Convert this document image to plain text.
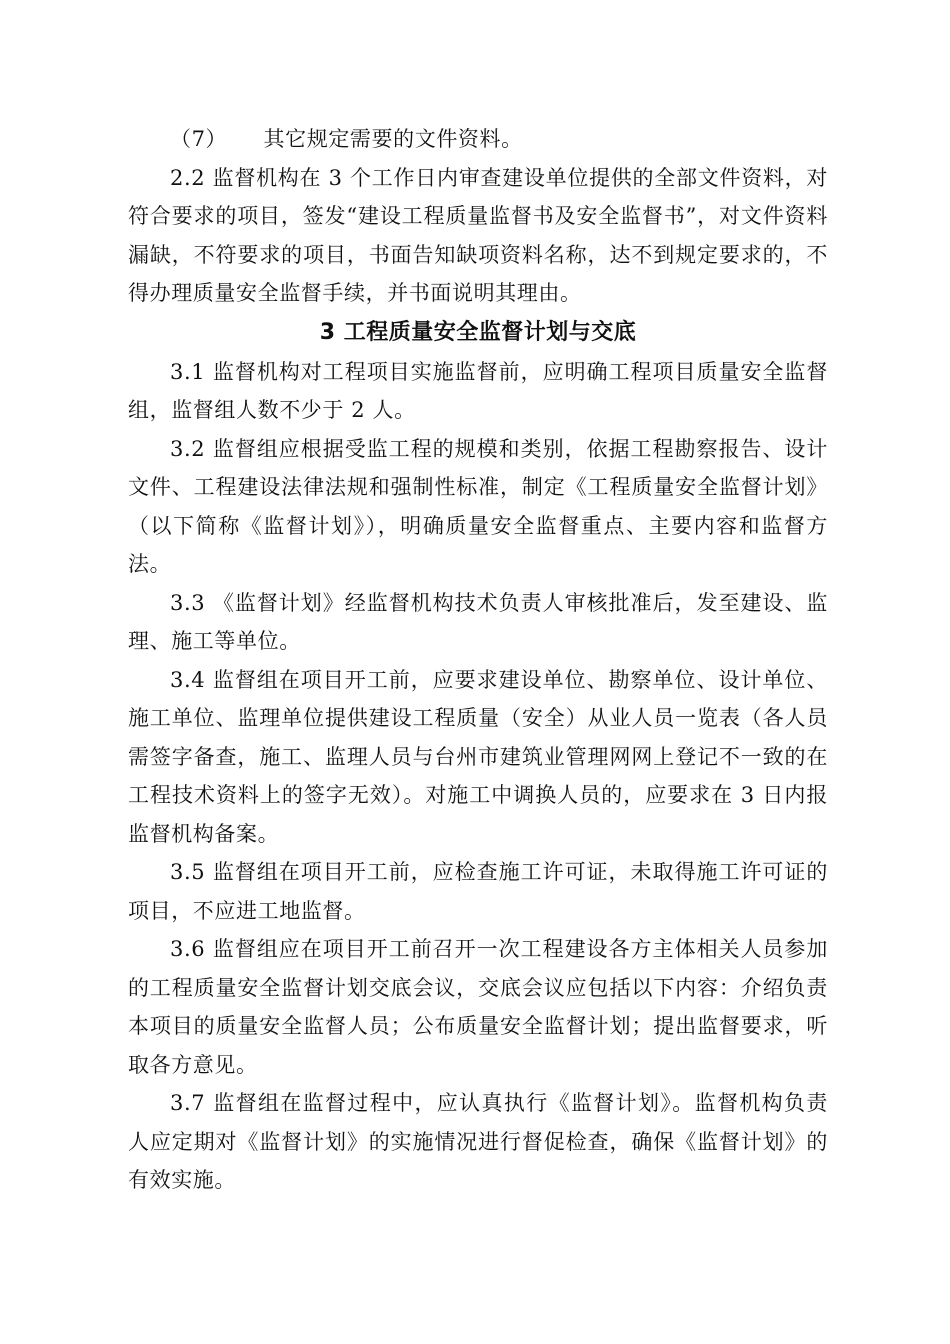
（7）     其它规定需要的文件资料。

2.2 监督机构在 3 个工作日内审查建设单位提供的全部文件资料，对符合要求的项目，签发“建设工程质量监督书及安全监督书”，对文件资料漏缺，不符要求的项目，书面告知缺项资料名称，达不到规定要求的，不得办理质量安全监督手续，并书面说明其理由。

3 工程质量安全监督计划与交底

3.1 监督机构对工程项目实施监督前，应明确工程项目质量安全监督组，监督组人数不少于 2 人。

3.2 监督组应根据受监工程的规模和类别，依据工程勘察报告、设计文件、工程建设法律法规和强制性标准，制定《工程质量安全监督计划》（以下简称《监督计划》），明确质量安全监督重点、主要内容和监督方法。

3.3 《监督计划》经监督机构技术负责人审核批准后，发至建设、监理、施工等单位。

3.4 监督组在项目开工前，应要求建设单位、勘察单位、设计单位、施工单位、监理单位提供建设工程质量（安全）从业人员一览表（各人员需签字备查，施工、监理人员与台州市建筑业管理网网上登记不一致的在工程技术资料上的签字无效）。对施工中调换人员的，应要求在 3 日内报监督机构备案。

3.5 监督组在项目开工前，应检查施工许可证，未取得施工许可证的项目，不应进工地监督。

3.6 监督组应在项目开工前召开一次工程建设各方主体相关人员参加的工程质量安全监督计划交底会议，交底会议应包括以下内容：介绍负责本项目的质量安全监督人员；公布质量安全监督计划；提出监督要求，听取各方意见。

3.7 监督组在监督过程中，应认真执行《监督计划》。监督机构负责人应定期对《监督计划》的实施情况进行督促检查，确保《监督计划》的有效实施。
